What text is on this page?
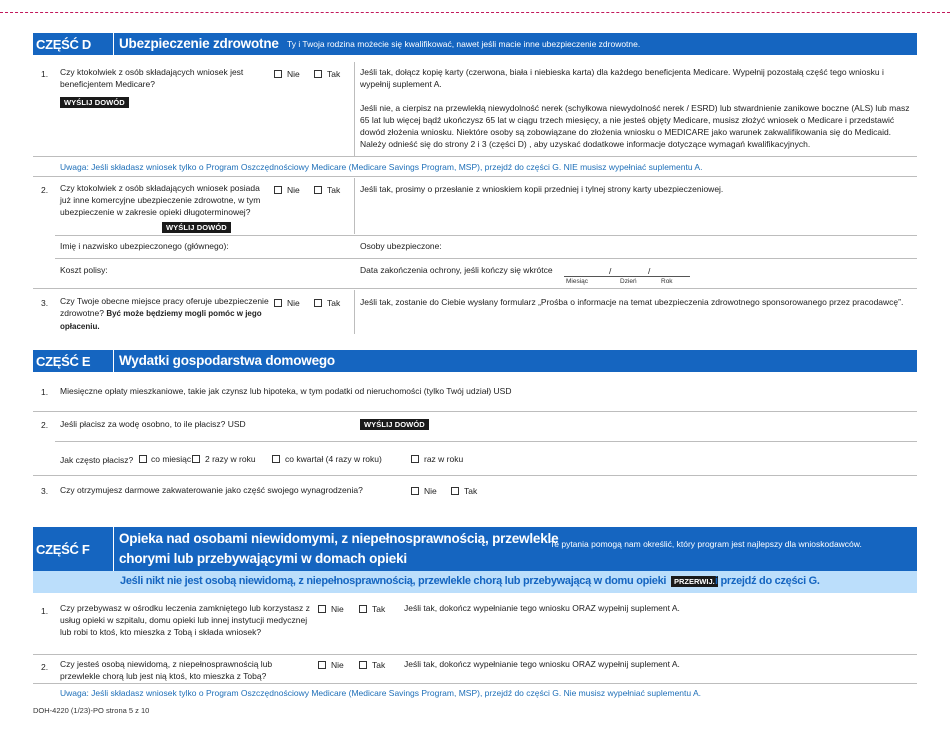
CZĘŚĆ D Ubezpieczenie zdrowotne Ty i Twoja rodzina możecie się kwalifikować, nawet jeśli macie inne ubezpieczenie zdrowotne.
1. Czy ktokolwiek z osób składających wniosek jest beneficjentem Medicare?
WYŚLIJ DOWÓD
Nie	Tak Jeśli tak, dołącz kopię karty (czerwona, biała i niebieska karta) dla każdego beneficjenta Medicare. Wypełnij pozostałą część tego wniosku i wypełnij suplement A.
Jeśli nie, a cierpisz na przewlekłą niewydolność nerek (schyłkowa niewydolność nerek / ESRD) lub stwardnienie zanikowe boczne (ALS) lub masz 65 lat lub więcej bądź ukończysz 65 lat w ciągu trzech miesięcy, a nie jesteś objęty Medicare, musisz złożyć wniosek o Medicare i przedstawić dowód złożenia wniosku. Niektóre osoby są zobowiązane do złożenia wniosku o MEDICARE jako warunek zakwalifikowania się do Medicaid. Należy odnieść się do strony 2 i 3 (części D) , aby uzyskać dodatkowe informacje dotyczące wymagań kwalifikacyjnych.
Uwaga: Jeśli składasz wniosek tylko o Program Oszczędnościowy Medicare (Medicare Savings Program, MSP), przejdź do części G. NIE musisz wypełniać suplementu A.
2. Czy ktokolwiek z osób składających wniosek posiada już inne komercyjne ubezpieczenie zdrowotne, w tym ubezpieczenie w zakresie opieki długoterminowej?
WYŚLIJ DOWÓD
Nie	Tak Jeśli tak, prosimy o przesłanie z wnioskiem kopii przedniej i tylnej strony karty ubezpieczeniowej.
Imię i nazwisko ubezpieczonego (głównego):	Osoby ubezpieczone:
Koszt polisy:	Data zakończenia ochrony, jeśli kończy się wkrótce	/	/
Miesiąc	Dzień	Rok
3. Czy Twoje obecne miejsce pracy oferuje ubezpieczenie zdrowotne? Być może będziemy mogli pomóc w jego opłaceniu.
Nie	Tak Jeśli tak, zostanie do Ciebie wysłany formularz „Prośba o informacje na temat ubezpieczenia zdrowotnego sponsorowanego przez pracodawcę”.
CZĘŚĆ E Wydatki gospodarstwa domowego
1. Miesięczne opłaty mieszkaniowe, takie jak czynsz lub hipoteka, w tym podatki od nieruchomości (tylko Twój udział) USD
2. Jeśli płacisz za wodę osobno, to ile płacisz? USD	WYŚLIJ DOWÓD
Jak często płacisz? co miesiąc 2 razy w roku	co kwartał (4 razy w roku)	raz w roku
3. Czy otrzymujesz darmowe zakwaterowanie jako część swojego wynagrodzenia?	Nie	Tak
CZĘŚĆ F
Opieka nad osobami niewidomymi, z niepełnosprawnością, przewlekle
chorymi lub przebywającymi w domach opieki
Te pytania pomogą nam określić, który program jest najlepszy dla wnioskodawców.
Jeśli nikt nie jest osobą niewidomą, z niepełnosprawnością, przewlekle chorą lub przebywającą w domu opieki	PRZERWIJ. i przejdź do części G.
1. Czy przebywasz w ośrodku leczenia zamkniętego lub korzystasz z usług opieki w szpitalu, domu opieki lub innej instytucji medycznej lub robi to ktoś, kto mieszka z Tobą i składa wniosek?
Nie	Tak Jeśli tak, dokończ wypełnianie tego wniosku ORAZ wypełnij suplement A.
2. Czy jesteś osobą niewidomą, z niepełnosprawnością lub przewlekle chorą lub jest nią ktoś, kto mieszka z Tobą?
Nie	Tak Jeśli tak, dokończ wypełnianie tego wniosku ORAZ wypełnij suplement A.
Uwaga: Jeśli składasz wniosek tylko o Program Oszczędnościowy Medicare (Medicare Savings Program, MSP), przejdź do części G. Nie musisz wypełniać suplementu A.
DOH-4220 (1/23)-PO strona 5 z 10
